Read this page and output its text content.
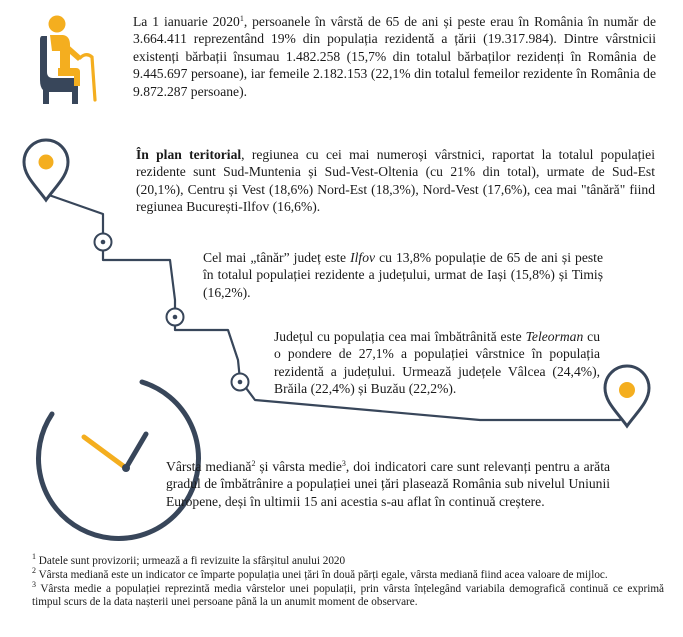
La 1 ianuarie 2020$^1$, persoanele în vârstă de 65 de ani și peste erau în România în număr de 3.664.411 reprezentând 19% din populația rezidentă a țării (19.317.984). Dintre vârstnicii existenți bărbații însumau 1.482.258 (15,7% din totalul bărbaților rezidenți în România de 9.445.697 persoane), iar femeile 2.182.153 (22,1% din totalul femeilor rezidente în România de 9.872.287 persoane).

În plan teritorial, regiunea cu cei mai numeroși vârstnici, raportat la totalul populației rezidente sunt Sud-Muntenia și Sud-Vest-Oltenia (cu 21% din total), urmate de Sud-Est (20,1%), Centru și Vest (18,6%) Nord-Est (18,3%), Nord-Vest (17,6%), cea mai "tânără" fiind regiunea București-Ilfov (16,6%).

Cel mai „tânăr” județ este Ilfov cu 13,8% populație de 65 de ani și peste în totalul populației rezidente a județului, urmat de Iași (15,8%) și Timiș (16,2%).

Județul cu populația cea mai îmbătrânită este Teleorman cu o pondere de 27,1% a populației vârstnice în populația rezidentă a județului. Urmează județele Vâlcea (24,4%), Brăila (22,4%) și Buzău (22,2%).

Vârsta mediană$^2$ și vârsta medie$^3$, doi indicatori care sunt relevanți pentru a arăta gradul de îmbătrânire a populației unei țări plasează România sub nivelul Uniunii Europene, deși în ultimii 15 ani acestia s-au aflat în continuă creștere.

$^1$ Datele sunt provizorii; urmează a fi revizuite la sfârșitul anului 2020

$^2$ Vârsta mediană este un indicator ce împarte populația unei țări în două părți egale, vârsta mediană fiind acea valoare de mijloc.

$^3$ Vârsta medie a populației reprezintă media vârstelor unei populații, prin vârsta înțelegând variabila demografică continuă ce exprimă timpul scurs de la data nașterii unei persoane până la un anumit moment de observare.
